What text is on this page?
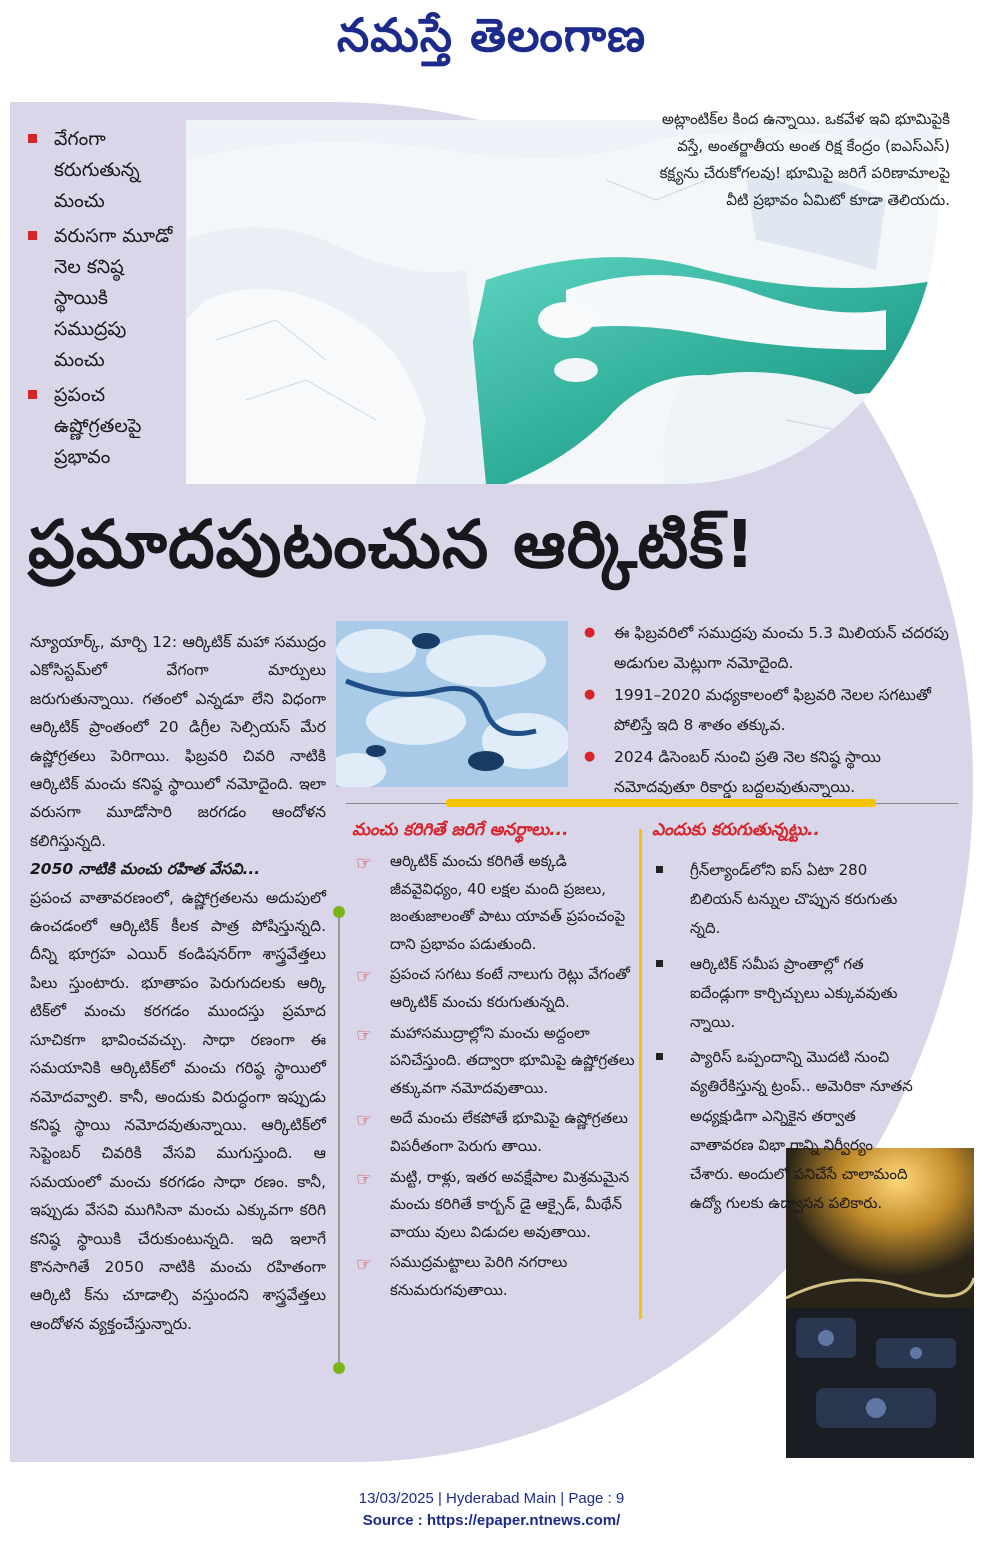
నమస్తే తెలంగాణ
వేగంగా కరుగుతున్న మంచు
వరుసగా మూడో నెల కనిష్ఠ స్థాయికి సముద్రపు మంచు
ప్రపంచ ఉష్ణోగ్రతలపై ప్రభావం

అట్లాంటిక్‌ల కింద ఉన్నాయి. ఒకవేళ ఇవి భూమిపైకి వస్తే, అంతర్జాతీయ అంత రిక్ష కేంద్రం (ఐఎస్‌ఎస్‌) కక్ష్యను చేరుకోగలవు! భూమిపై జరిగే పరిణామాలపై వీటి ప్రభావం ఏమిటో కూడా తెలియదు.

ప్రమాదపుటంచున ఆర్కిటిక్‌!

న్యూయార్క్‌, మార్చి 12: ఆర్కిటిక్‌ మహా సముద్రం ఎకోసిస్టమ్‌లో వేగంగా మార్పులు జరుగుతున్నాయి. గతంలో ఎన్నడూ లేని విధంగా ఆర్కిటిక్‌ ప్రాంతంలో 20 డిగ్రీల సెల్సియస్‌ మేర ఉష్ణోగ్రతలు పెరిగాయి. ఫిబ్రవరి చివరి నాటికి ఆర్కిటిక్‌ మంచు కనిష్ఠ స్థాయిలో నమోదైంది. ఇలా వరుసగా మూడోసారి జరగడం ఆందోళన కలిగిస్తున్నది.

2050 నాటికి మంచు రహిత వేసవి...

ప్రపంచ వాతావరణంలో, ఉష్ణోగ్రతలను అదుపులో ఉంచడంలో ఆర్కిటిక్‌ కీలక పాత్ర పోషిస్తున్నది. దీన్ని భూగ్రహ ఎయిర్‌ కండిషనర్‌గా శాస్త్రవేత్తలు పిలు స్తుంటారు. భూతాపం పెరుగుదలకు ఆర్కి టిక్‌లో మంచు కరగడం ముందస్తు ప్రమాద సూచికగా భావించవచ్చు. సాధా రణంగా ఈ సమయానికి ఆర్కిటిక్‌లో మంచు గరిష్ఠ స్థాయిలో నమోదవ్వాలి. కానీ, అందుకు విరుద్ధంగా ఇప్పుడు కనిష్ఠ స్థాయి నమోదవుతున్నాయి. ఆర్కిటిక్‌లో సెప్టెంబర్‌ చివరికి వేసవి ముగుస్తుంది. ఆ సమయంలో మంచు కరగడం సాధా రణం. కానీ, ఇప్పుడు వేసవి ముగిసినా మంచు ఎక్కువగా కరిగి కనిష్ఠ స్థాయికి చేరుకుంటున్నది. ఇది ఇలాగే కొనసాగితే 2050 నాటికి మంచు రహితంగా ఆర్కిటి క్‌ను చూడాల్సి వస్తుందని శాస్త్రవేత్తలు ఆందోళన వ్యక్తంచేస్తున్నారు.

● ఈ ఫిబ్రవరిలో సముద్రపు మంచు 5.3 మిలియన్‌ చదరపు అడుగుల మెట్లుగా నమోదైంది.
● 1991–2020 మధ్యకాలంలో ఫిబ్రవరి నెలల సగటుతో పోలిస్తే ఇది 8 శాతం తక్కువ.
● 2024 డిసెంబర్‌ నుంచి ప్రతి నెల కనిష్ఠ స్థాయి నమోదవుతూ రికార్డు బద్దలవుతున్నాయి.
మంచు కరిగితే జరిగే అనర్థాలు...
☞ ఆర్కిటిక్‌ మంచు కరిగితే అక్కడి జీవవైవిధ్యం, 40 లక్షల మంది ప్రజలు, జంతుజాలంతో పాటు యావత్‌ ప్రపంచంపై దాని ప్రభావం పడుతుంది.
☞ ప్రపంచ సగటు కంటే నాలుగు రెట్లు వేగంతో ఆర్కిటిక్‌ మంచు కరుగుతున్నది.
☞ మహాసముద్రాల్లోని మంచు అద్దంలా పనిచేస్తుంది. తద్వారా భూమిపై ఉష్ణోగ్రతలు తక్కువగా నమోదవుతాయి.
☞ అదే మంచు లేకపోతే భూమిపై ఉష్ణోగ్రతలు విపరీతంగా పెరుగు తాయి.
☞ మట్టి, రాళ్లు, ఇతర అవక్షేపాల మిశ్రమమైన మంచు కరిగితే కార్బన్‌ డై ఆక్సైడ్‌, మీథేన్‌ వాయు వులు విడుదల అవుతాయి.
☞ సముద్రమట్టాలు పెరిగి నగరాలు కనుమరుగవుతాయి.
ఎందుకు కరుగుతున్నట్టు..
గ్రీన్‌ల్యాండ్‌లోని ఐస్‌ ఏటా 280 బిలియన్‌ టన్నుల చొప్పున కరుగుతు న్నది.
ఆర్కిటిక్‌ సమీప ప్రాంతాల్లో గత ఐదేండ్లుగా కార్చిచ్చులు ఎక్కువవుతు న్నాయి.
ప్యారిస్‌ ఒప్పందాన్ని మొదటి నుంచి వ్యతిరేకిస్తున్న ట్రంప్‌.. అమెరికా నూతన అధ్యక్షుడిగా ఎన్నికైన తర్వాత వాతావరణ విభా గాన్ని నిర్వీర్యం చేశారు. అందులో పనిచేసే చాలామంది ఉద్యో గులకు ఉద్వాసన పలికారు.
13/03/2025 | Hyderabad Main | Page : 9
Source : https://epaper.ntnews.com/
